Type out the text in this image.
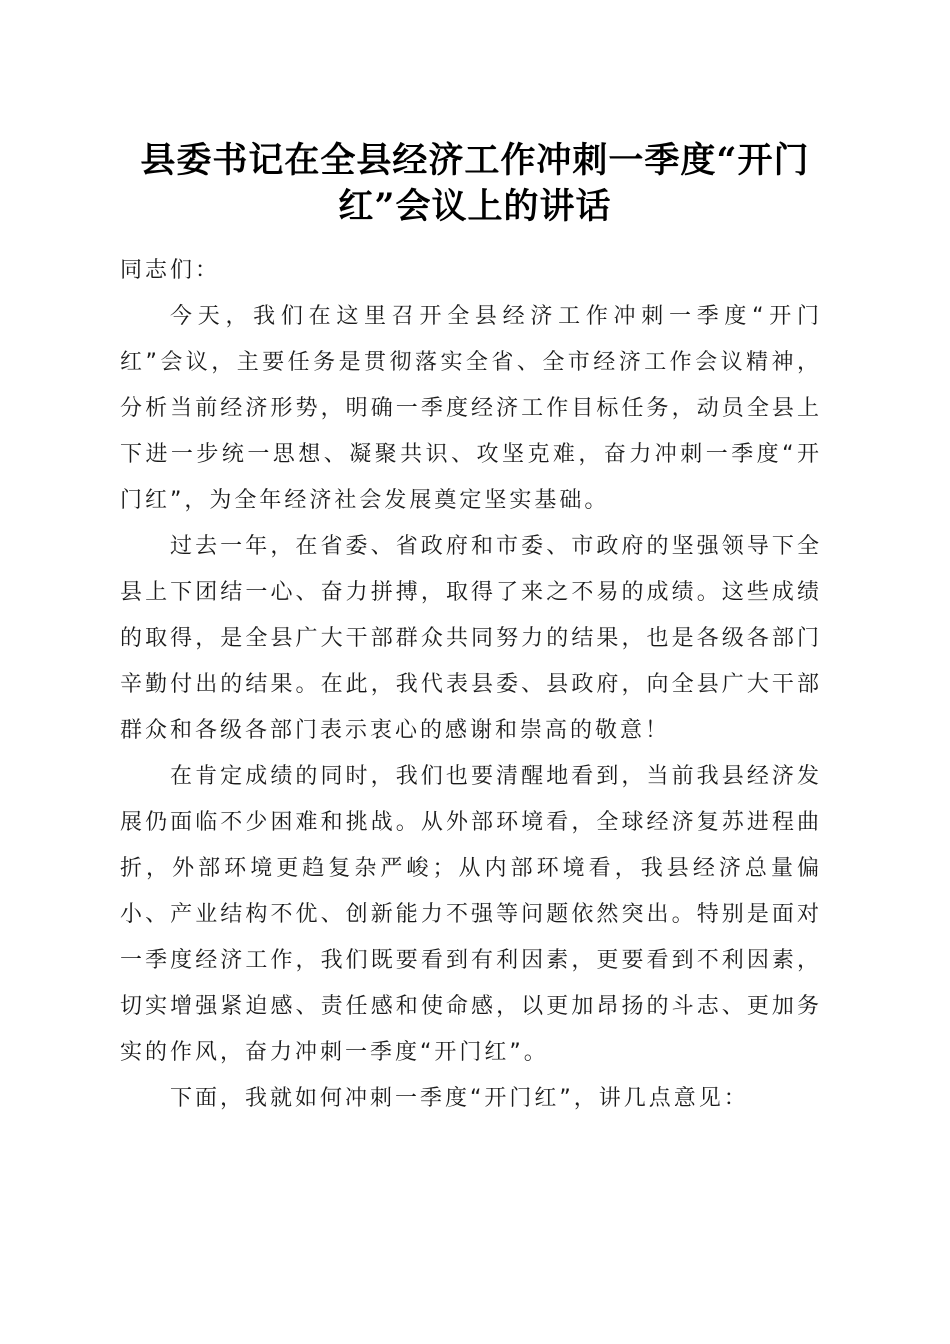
县委书记在全县经济工作冲刺一季度“开门红”会议上的讲话

同志们：

今天，我们在这里召开全县经济工作冲刺一季度“开门红”会议，主要任务是贯彻落实全省、全市经济工作会议精神，分析当前经济形势，明确一季度经济工作目标任务，动员全县上下进一步统一思想、凝聚共识、攻坚克难，奋力冲刺一季度“开门红”，为全年经济社会发展奠定坚实基础。

过去一年，在省委、省政府和市委、市政府的坚强领导下全县上下团结一心、奋力拼搏，取得了来之不易的成绩。这些成绩的取得，是全县广大干部群众共同努力的结果，也是各级各部门辛勤付出的结果。在此，我代表县委、县政府，向全县广大干部群众和各级各部门表示衷心的感谢和崇高的敬意！

在肯定成绩的同时，我们也要清醒地看到，当前我县经济发展仍面临不少困难和挑战。从外部环境看，全球经济复苏进程曲折，外部环境更趋复杂严峻；从内部环境看，我县经济总量偏小、产业结构不优、创新能力不强等问题依然突出。特别是面对一季度经济工作，我们既要看到有利因素，更要看到不利因素，切实增强紧迫感、责任感和使命感，以更加昂扬的斗志、更加务实的作风，奋力冲刺一季度“开门红”。

下面，我就如何冲刺一季度“开门红”，讲几点意见：
